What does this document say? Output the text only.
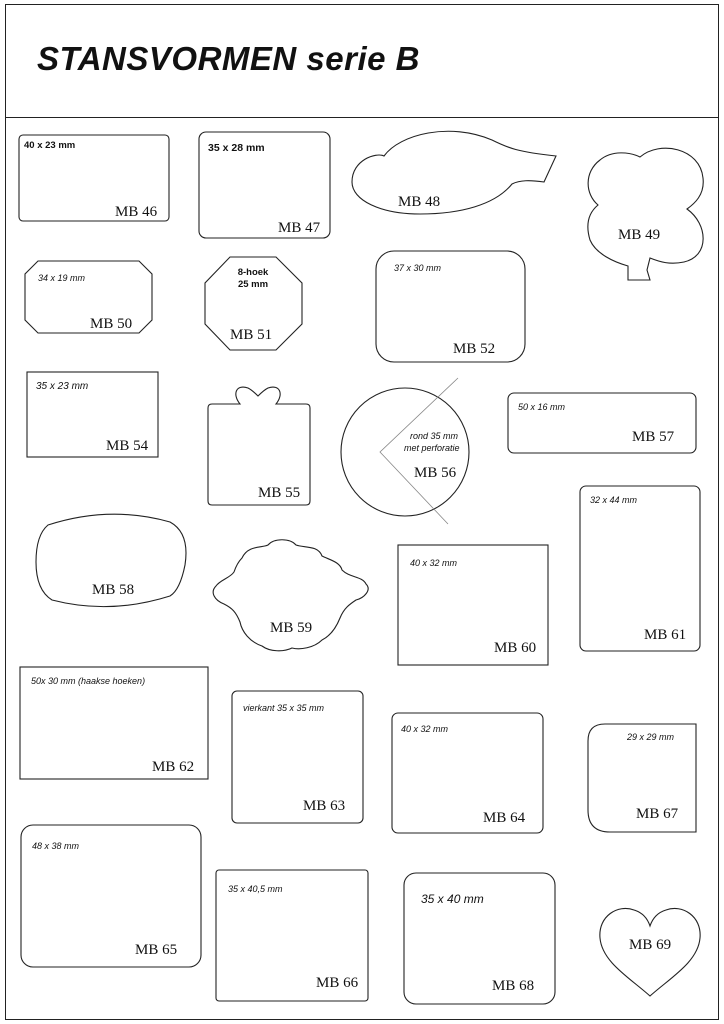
STANSVORMEN serie B
40 x 23 mm
MB 46
35 x 28 mm
MB 47
MB 48
MB 49
34 x 19 mm
MB 50
8-hoek
25 mm
MB 51
37 x 30 mm
MB 52
35 x 23 mm
MB 54
MB 55
rond 35 mm
met perforatie
MB 56
50 x 16 mm
MB 57
MB 58
MB 59
40 x 32 mm
MB 60
32 x 44 mm
MB 61
50x 30 mm (haakse hoeken)
MB 62
vierkant 35 x 35 mm
MB 63
40 x 32 mm
MB 64
29 x 29 mm
MB 67
48 x 38 mm
MB 65
35 x 40,5 mm
MB 66
35 x 40 mm
MB 68
MB 69
